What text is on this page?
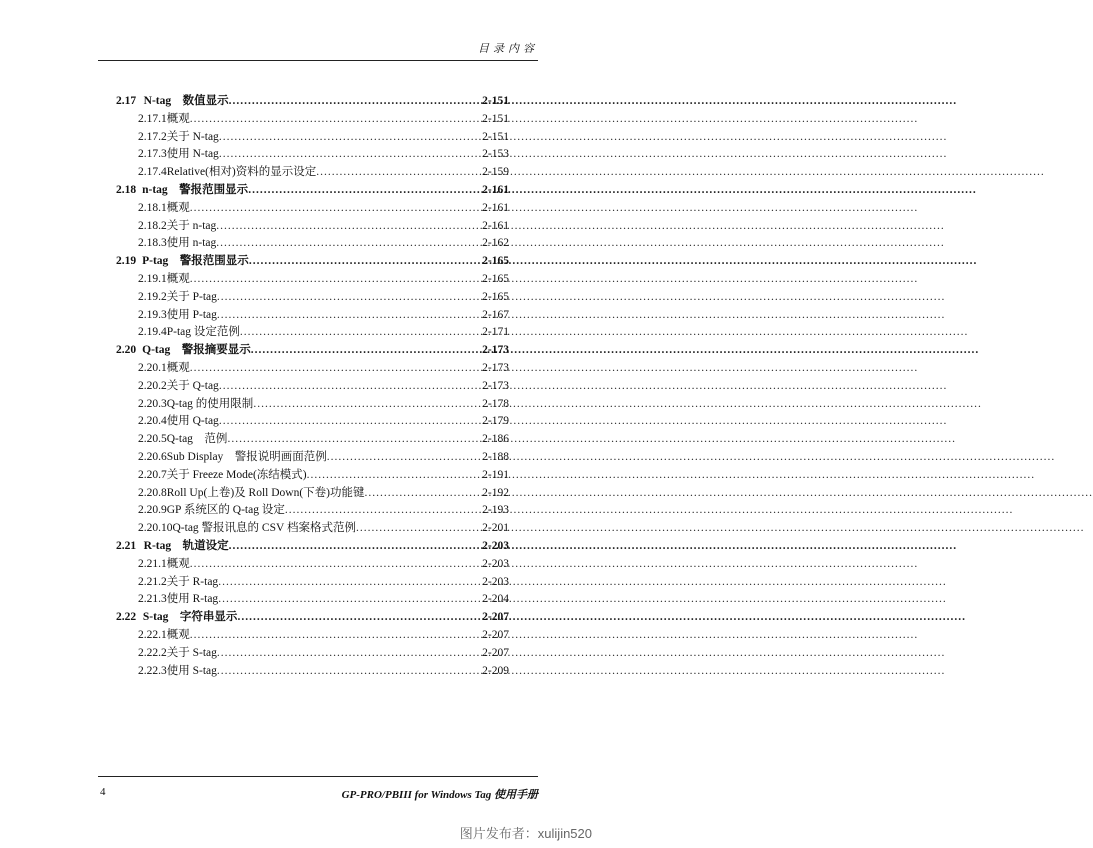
目录内容
2.17 N-tag　数值显示 .....	2-151
2.17.1 概观 .....	2-151
2.17.2 关于 N-tag .....	2-151
2.17.3 使用 N-tag .....	2-153
2.17.4 Relative(相对)资料的显示设定 .....	2-159
2.18 n-tag　警报范围显示 .....	2-161
2.18.1 概观 .....	2-161
2.18.2 关于 n-tag .....	2-161
2.18.3 使用 n-tag .....	2-162
2.19 P-tag　警报范围显示 .....	2-165
2.19.1 概观 .....	2-165
2.19.2 关于 P-tag .....	2-165
2.19.3 使用 P-tag .....	2-167
2.19.4 P-tag 设定范例 .....	2-171
2.20 Q-tag　警报摘要显示 .....	2-173
2.20.1 概观 .....	2-173
2.20.2 关于 Q-tag .....	2-173
2.20.3 Q-tag 的使用限制 .....	2-178
2.20.4 使用 Q-tag .....	2-179
2.20.5 Q-tag　范例 .....	2-186
2.20.6 Sub Display　警报说明画面范例 .....	2-188
2.20.7 关于 Freeze Mode(冻结模式) .....	2-191
2.20.8 Roll Up(上卷)及 Roll Down(下卷)功能键 .....	2-192
2.20.9 GP 系统区的 Q-tag 设定 .....	2-193
2.20.10 Q-tag 警报讯息的 CSV 档案格式范例 .....	2-201
2.21 R-tag　轨道设定 .....	2-203
2.21.1 概观 .....	2-203
2.21.2 关于 R-tag .....	2-203
2.21.3 使用 R-tag .....	2-204
2.22 S-tag　字符串显示 .....	2-207
2.22.1 概观 .....	2-207
2.22.2 关于 S-tag .....	2-207
2.22.3 使用 S-tag .....	2-209
4	GP-PRO/PBIII for Windows Tag 使用手册
图片发布者：xulijin520
